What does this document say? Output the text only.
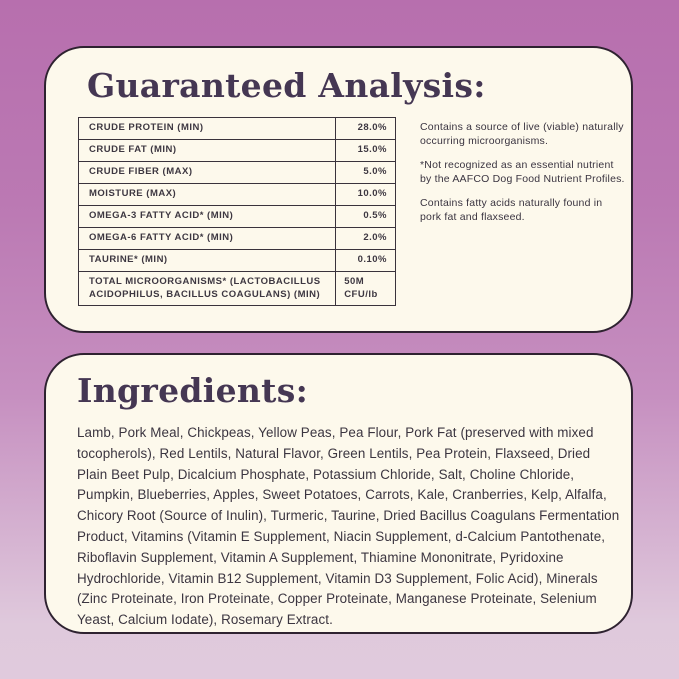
Guaranteed Analysis:
CRUDE PROTEIN (MIN)	28.0%
CRUDE FAT (MIN)	15.0%
CRUDE FIBER (MAX)	5.0%
MOISTURE (MAX)	10.0%
OMEGA-3 FATTY ACID* (MIN)	0.5%
OMEGA-6 FATTY ACID* (MIN)	2.0%
TAURINE* (MIN)	0.10%
TOTAL MICROORGANISMS* (LACTOBACILLUS ACIDOPHILUS, BACILLUS COAGULANS) (MIN)	50M CFU/lb

Contains a source of live (viable) naturally occurring microorganisms.

*Not recognized as an essential nutrient by the AAFCO Dog Food Nutrient Profiles.

Contains fatty acids naturally found in pork fat and flaxseed.

Ingredients:

Lamb, Pork Meal, Chickpeas, Yellow Peas, Pea Flour, Pork Fat (preserved with mixed tocopherols), Red Lentils, Natural Flavor, Green Lentils, Pea Protein, Flaxseed, Dried Plain Beet Pulp, Dicalcium Phosphate, Potassium Chloride, Salt, Choline Chloride, Pumpkin, Blueberries, Apples, Sweet Potatoes, Carrots, Kale, Cranberries, Kelp, Alfalfa, Chicory Root (Source of Inulin), Turmeric, Taurine, Dried Bacillus Coagulans Fermentation Product, Vitamins (Vitamin E Supplement, Niacin Supplement, d-Calcium Pantothenate, Riboflavin Supplement, Vitamin A Supplement, Thiamine Mononitrate, Pyridoxine Hydrochloride, Vitamin B12 Supplement, Vitamin D3 Supplement, Folic Acid), Minerals (Zinc Proteinate, Iron Proteinate, Copper Proteinate, Manganese Proteinate, Selenium Yeast, Calcium Iodate), Rosemary Extract.
